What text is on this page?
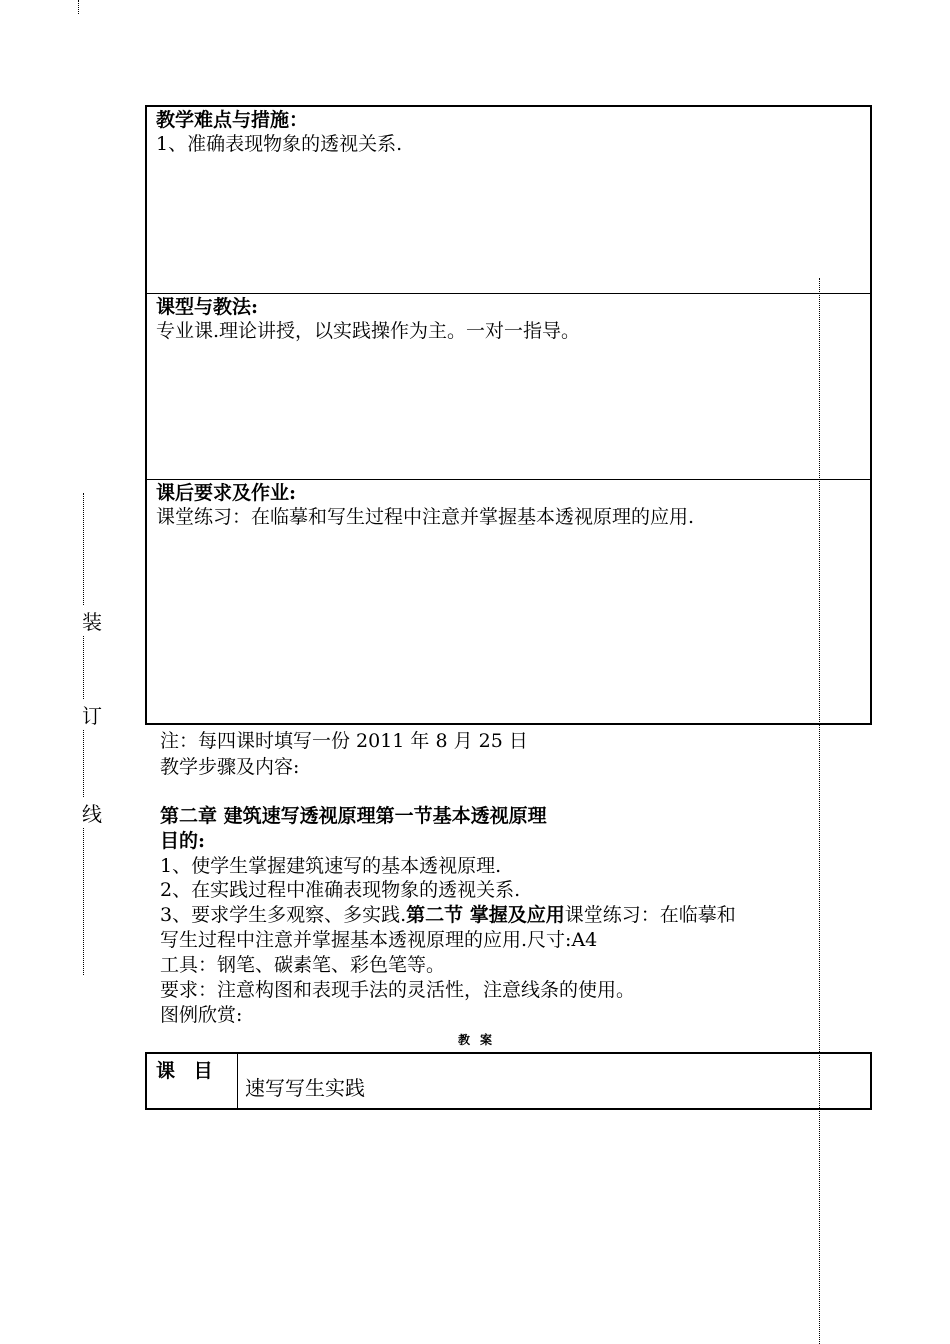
装
订
线
教学难点与措施：
1、准确表现物象的透视关系.
课型与教法:
专业课.理论讲授，以实践操作为主。一对一指导。
课后要求及作业:
课堂练习：在临摹和写生过程中注意并掌握基本透视原理的应用.
注：每四课时填写一份 2011 年 8 月 25 日
教学步骤及内容:
第二章 建筑速写透视原理第一节基本透视原理
目的:
1、使学生掌握建筑速写的基本透视原理.
2、在实践过程中准确表现物象的透视关系.
3、要求学生多观察、多实践.第二节 掌握及应用课堂练习：在临摹和
写生过程中注意并掌握基本透视原理的应用.尺寸:A4
工具：钢笔、碳素笔、彩色笔等。
要求：注意构图和表现手法的灵活性，注意线条的使用。
图例欣赏:
教案
课 目
速写写生实践
